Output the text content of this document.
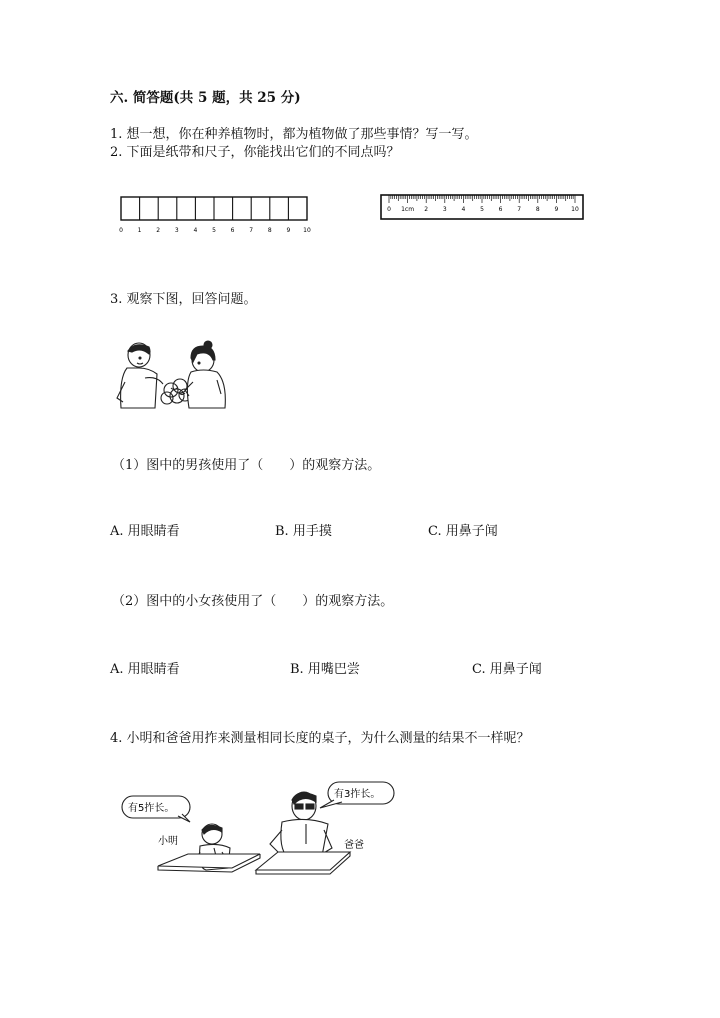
六. 简答题(共 5 题，共 25 分)
1. 想一想，你在种养植物时，都为植物做了那些事情？写一写。
2. 下面是纸带和尺子，你能找出它们的不同点吗？
0 1 2 3 4 5 6 7 8 9 10
0 1cm 2 3 4 5 6 7 8 9 10
3. 观察下图，回答问题。
（1）图中的男孩使用了（　　）的观察方法。
A. 用眼睛看	B. 用手摸	C. 用鼻子闻
（2）图中的小女孩使用了（　　）的观察方法。
A. 用眼睛看	B. 用嘴巴尝	C. 用鼻子闻
4. 小明和爸爸用拃来测量相同长度的桌子，为什么测量的结果不一样呢？
有5拃长。
有3拃长。
小明	爸爸
